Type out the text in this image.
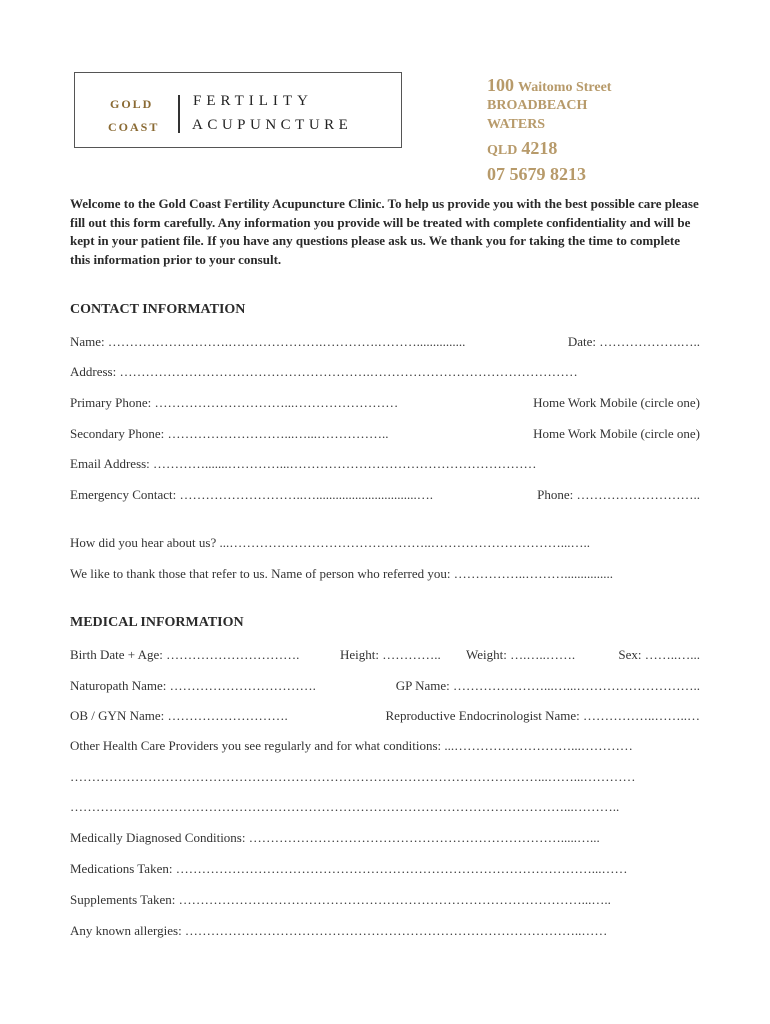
GOLD
COAST
FERTILITY
ACUPUNCTURE
100 Waitomo Street
BROADBEACH
WATERS
QLD 4218
07 5679 8213
Welcome to the Gold Coast Fertility Acupuncture Clinic. To help us provide you with the best possible care please fill out this form carefully. Any information you provide will be treated with complete confidentiality and will be kept in your patient file. If you have any questions please ask us. We thank you for taking the time to complete this information prior to your consult.
CONTACT INFORMATION
Name: ……………………….………………….………….………...............	Date: ……………….…..
Address: ………………………………………………….…………………………………………
Primary Phone: …………………………...……………………	Home Work Mobile (circle one)
Secondary Phone: ………………………...…...……………..	Home Work Mobile (circle one)
Email Address: ………….......…………...…………………………………………………
Emergency Contact: ………………………..…...............................….	Phone: ………………………..
How did you hear about us? ...………………………………………..…………………………...…..
We like to thank those that refer to us. Name of person who referred you: ……………..………...............
MEDICAL INFORMATION
Birth Date + Age: ………………………….	Height: ………….. Weight: ….…..…….	Sex: ……..…...
Naturopath Name: …………………………….	GP Name: …………………...…...………………………..
OB / GYN Name: ……………………….	Reproductive Endocrinologist Name: ……………..……..…
Other Health Care Providers you see regularly and for what conditions: ...………………………...…………
………………………………………………………………………………………………...……...…………
……………………………………………………………………………………………………...………..
Medically Diagnosed Conditions: ……………………………………………………………….....…...
Medications Taken: ……………………………………………………………………………………...……
Supplements Taken: …………………………………………………………………………………...…..
Any known allergies: ………………………………………………………………………………..……
